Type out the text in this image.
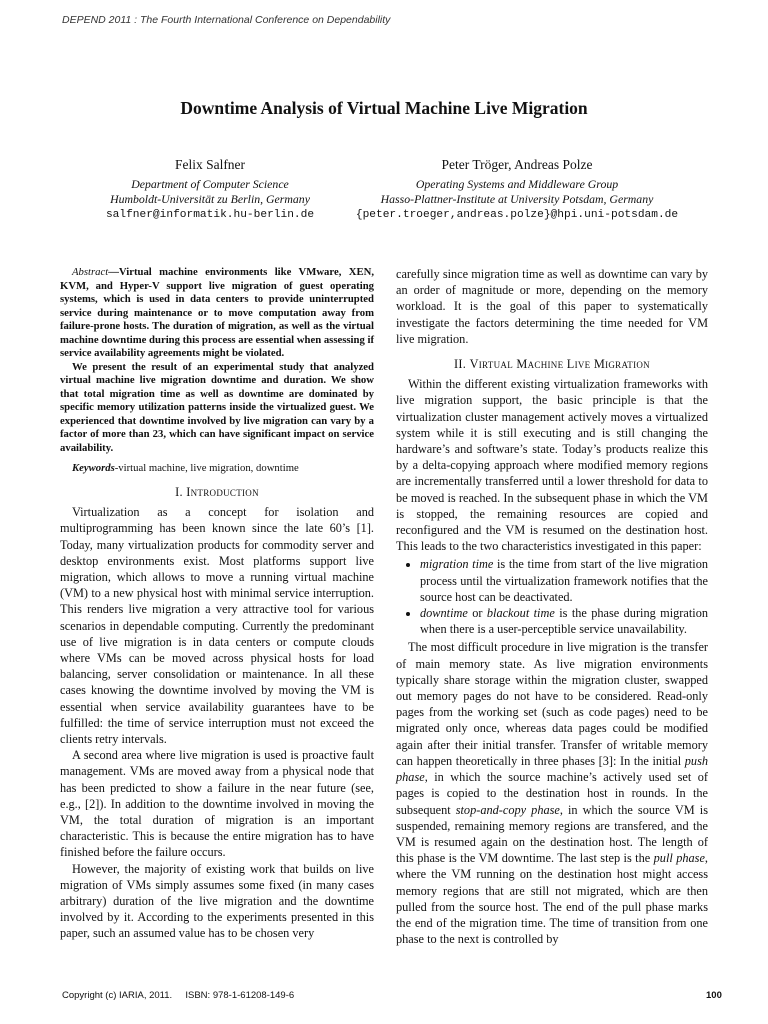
DEPEND 2011 : The Fourth International Conference on Dependability
Downtime Analysis of Virtual Machine Live Migration
Felix Salfner
Department of Computer Science
Humboldt-Universität zu Berlin, Germany
salfner@informatik.hu-berlin.de
Peter Tröger, Andreas Polze
Operating Systems and Middleware Group
Hasso-Plattner-Institute at University Potsdam, Germany
{peter.troeger,andreas.polze}@hpi.uni-potsdam.de

Abstract—Virtual machine environments like VMware, XEN, KVM, and Hyper-V support live migration of guest operating systems, which is used in data centers to provide uninterrupted service during maintenance or to move computation away from failure-prone hosts. The duration of migration, as well as the virtual machine downtime during this process are essential when assessing if service availability agreements might be violated.

We present the result of an experimental study that analyzed virtual machine live migration downtime and duration. We show that total migration time as well as downtime are dominated by specific memory utilization patterns inside the virtualized guest. We experienced that downtime involved by live migration can vary by a factor of more than 23, which can have significant impact on service availability.

Keywords-virtual machine, live migration, downtime

I. Introduction

Virtualization as a concept for isolation and multiprogramming has been known since the late 60’s [1]. Today, many virtualization products for commodity server and desktop environments exist. Most platforms support live migration, which allows to move a running virtual machine (VM) to a new physical host with minimal service interruption. This renders live migration a very attractive tool for various scenarios in dependable computing. Currently the predominant use of live migration is in data centers or compute clouds where VMs can be moved across physical hosts for load balancing, server consolidation or maintenance. In all these cases knowing the downtime involved by moving the VM is essential when service availability guarantees have to be fulfilled: the time of service interruption must not exceed the clients retry intervals.

A second area where live migration is used is proactive fault management. VMs are moved away from a physical node that has been predicted to show a failure in the near future (see, e.g., [2]). In addition to the downtime involved in moving the VM, the total duration of migration is an important characteristic. This is because the entire migration has to have finished before the failure occurs.

However, the majority of existing work that builds on live migration of VMs simply assumes some fixed (in many cases arbitrary) duration of the live migration and the downtime involved by it. According to the experiments presented in this paper, such an assumed value has to be chosen very

carefully since migration time as well as downtime can vary by an order of magnitude or more, depending on the memory workload. It is the goal of this paper to systematically investigate the factors determining the time needed for VM live migration.

II. Virtual Machine Live Migration

Within the different existing virtualization frameworks with live migration support, the basic principle is that the virtualization cluster management actively moves a virtualized system while it is still executing and is still changing the hardware’s and software’s state. Today’s products realize this by a delta-copying approach where modified memory regions are incrementally transferred until a lower threshold for data to be moved is reached. In the subsequent phase in which the VM is stopped, the remaining resources are copied and reconfigured and the VM is resumed on the destination host. This leads to the two characteristics investigated in this paper:

• migration time is the time from start of the live migration process until the virtualization framework notifies that the source host can be deactivated.
• downtime or blackout time is the phase during migration when there is a user-perceptible service unavailability.

The most difficult procedure in live migration is the transfer of main memory state. As live migration environments typically share storage within the migration cluster, swapped out memory pages do not have to be considered. Read-only pages from the working set (such as code pages) need to be migrated only once, whereas data pages could be modified again after their initial transfer. Transfer of writable memory can happen theoretically in three phases [3]: In the initial push phase, in which the source machine’s actively used set of pages is copied to the destination host in rounds. In the subsequent stop-and-copy phase, in which the source VM is suspended, remaining memory regions are transfered, and the VM is resumed again on the destination host. The length of this phase is the VM downtime. The last step is the pull phase, where the VM running on the destination host might access memory regions that are still not migrated, which are then pulled from the source host. The end of the pull phase marks the end of the migration time. The time of transition from one phase to the next is controlled by

Copyright (c) IARIA, 2011.     ISBN: 978-1-61208-149-6	100
